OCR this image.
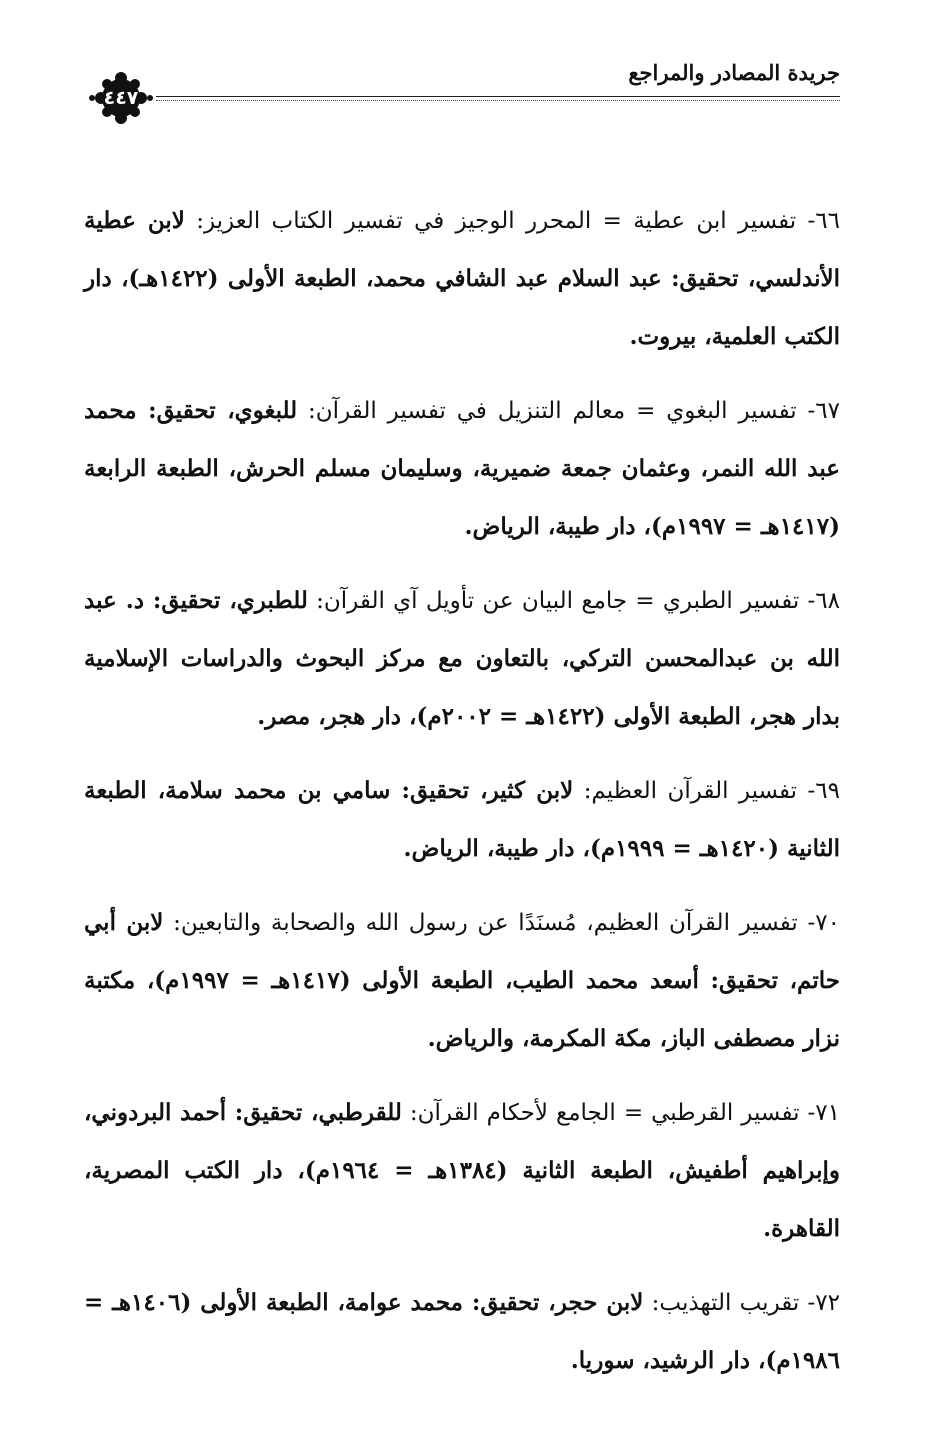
جريدة المصادر والمراجع
٤٤٧

٦٦- تفسير ابن عطية = المحرر الوجيز في تفسير الكتاب العزيز: لابن عطية الأندلسي، تحقيق: عبد السلام عبد الشافي محمد، الطبعة الأولى (١٤٢٢هـ)، دار الكتب العلمية، بيروت.

٦٧- تفسير البغوي = معالم التنزيل في تفسير القرآن: للبغوي، تحقيق: محمد عبد الله النمر، وعثمان جمعة ضميرية، وسليمان مسلم الحرش، الطبعة الرابعة (١٤١٧هـ = ١٩٩٧م)، دار طيبة، الرياض.

٦٨- تفسير الطبري = جامع البيان عن تأويل آي القرآن: للطبري، تحقيق: د. عبد الله بن عبدالمحسن التركي، بالتعاون مع مركز البحوث والدراسات الإسلامية بدار هجر، الطبعة الأولى (١٤٢٢هـ = ٢٠٠٢م)، دار هجر، مصر.

٦٩- تفسير القرآن العظيم: لابن كثير، تحقيق: سامي بن محمد سلامة، الطبعة الثانية (١٤٢٠هـ = ١٩٩٩م)، دار طيبة، الرياض.

٧٠- تفسير القرآن العظيم، مُسنَدًا عن رسول الله والصحابة والتابعين: لابن أبي حاتم، تحقيق: أسعد محمد الطيب، الطبعة الأولى (١٤١٧هـ = ١٩٩٧م)، مكتبة نزار مصطفى الباز، مكة المكرمة، والرياض.

٧١- تفسير القرطبي = الجامع لأحكام القرآن: للقرطبي، تحقيق: أحمد البردوني، وإبراهيم أطفيش، الطبعة الثانية (١٣٨٤هـ = ١٩٦٤م)، دار الكتب المصرية، القاهرة.

٧٢- تقريب التهذيب: لابن حجر، تحقيق: محمد عوامة، الطبعة الأولى (١٤٠٦هـ = ١٩٨٦م)، دار الرشيد، سوريا.
